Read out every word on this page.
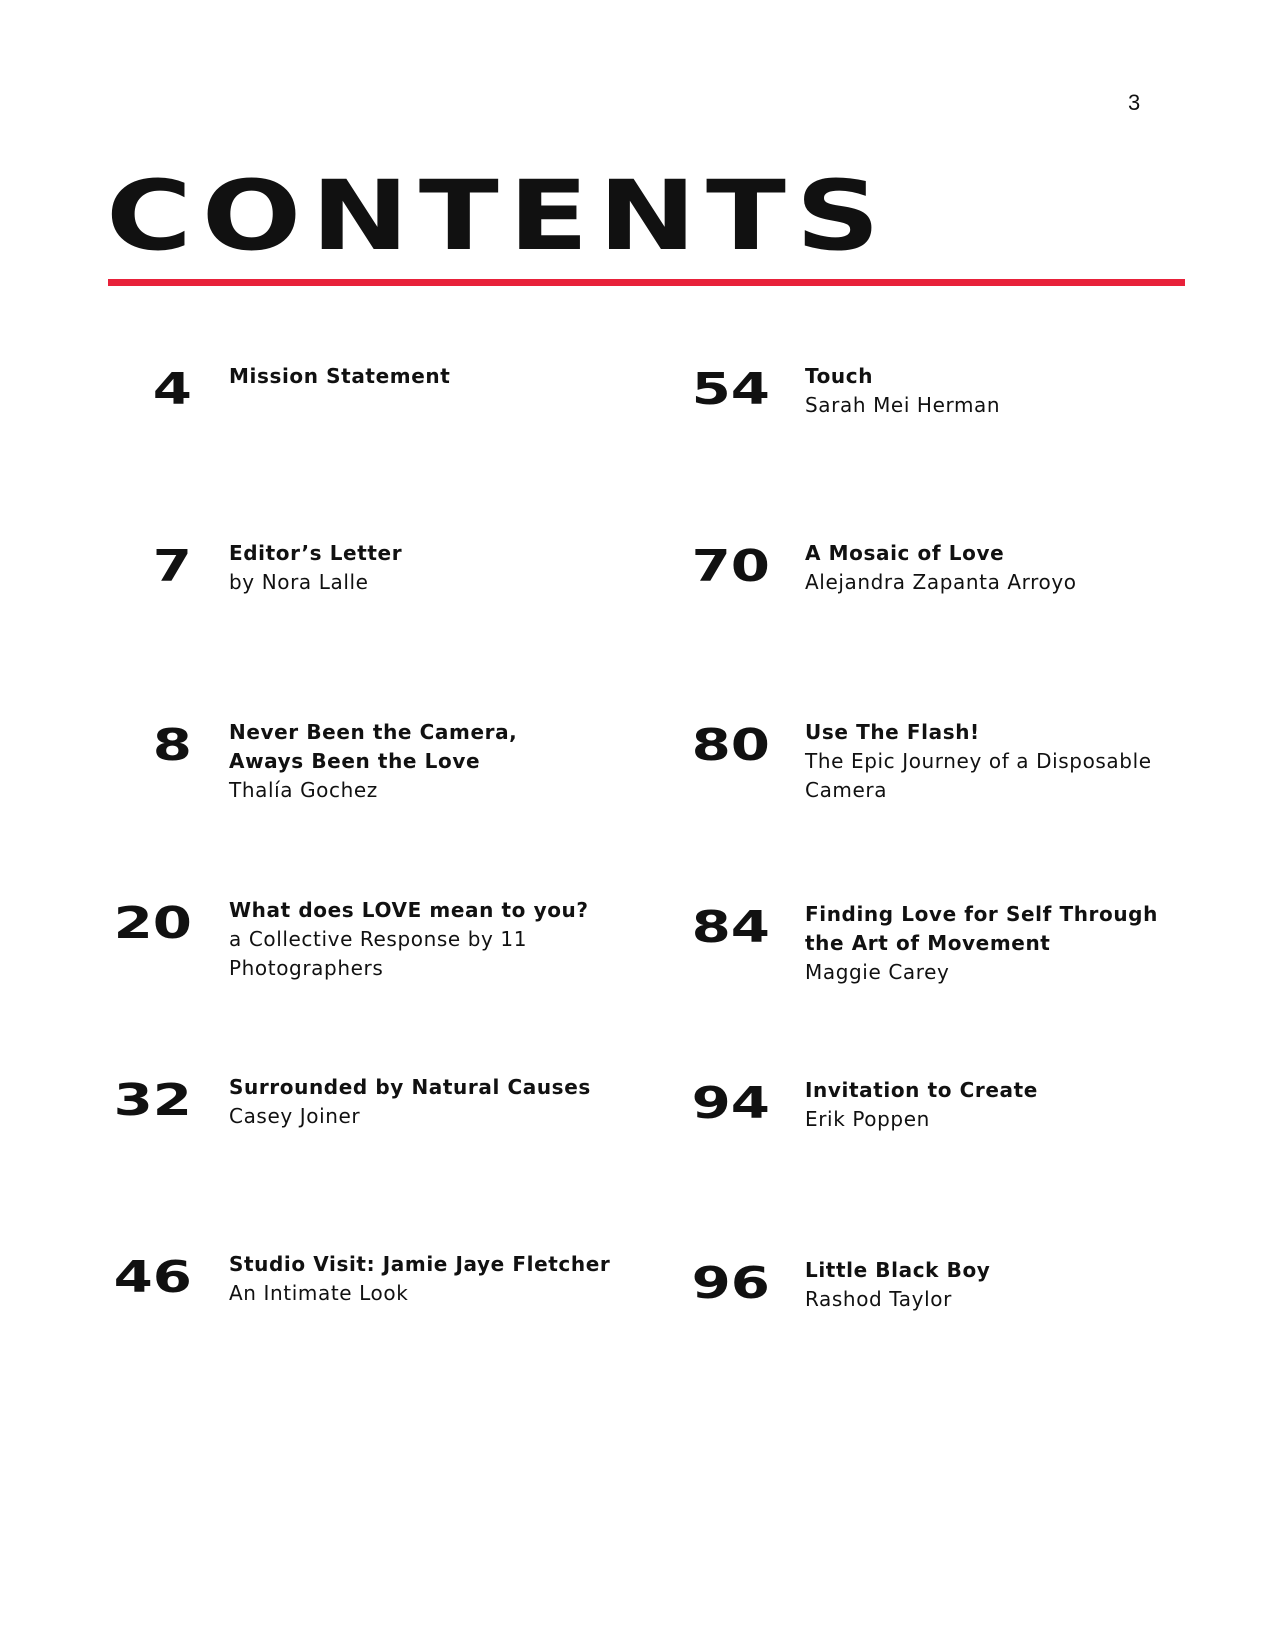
3
CONTENTS
4 Mission Statement
7 Editor’s Letter
by Nora Lalle
8 Never Been the Camera, Aways Been the Love
Thalía Gochez
20 What does LOVE mean to you?
a Collective Response by 11 Photographers
32 Surrounded by Natural Causes
Casey Joiner
46 Studio Visit: Jamie Jaye Fletcher
An Intimate Look
54 Touch
Sarah Mei Herman
70 A Mosaic of Love
Alejandra Zapanta Arroyo
80 Use The Flash!
The Epic Journey of a Disposable Camera
84 Finding Love for Self Through the Art of Movement
Maggie Carey
94 Invitation to Create
Erik Poppen
96 Little Black Boy
Rashod Taylor
